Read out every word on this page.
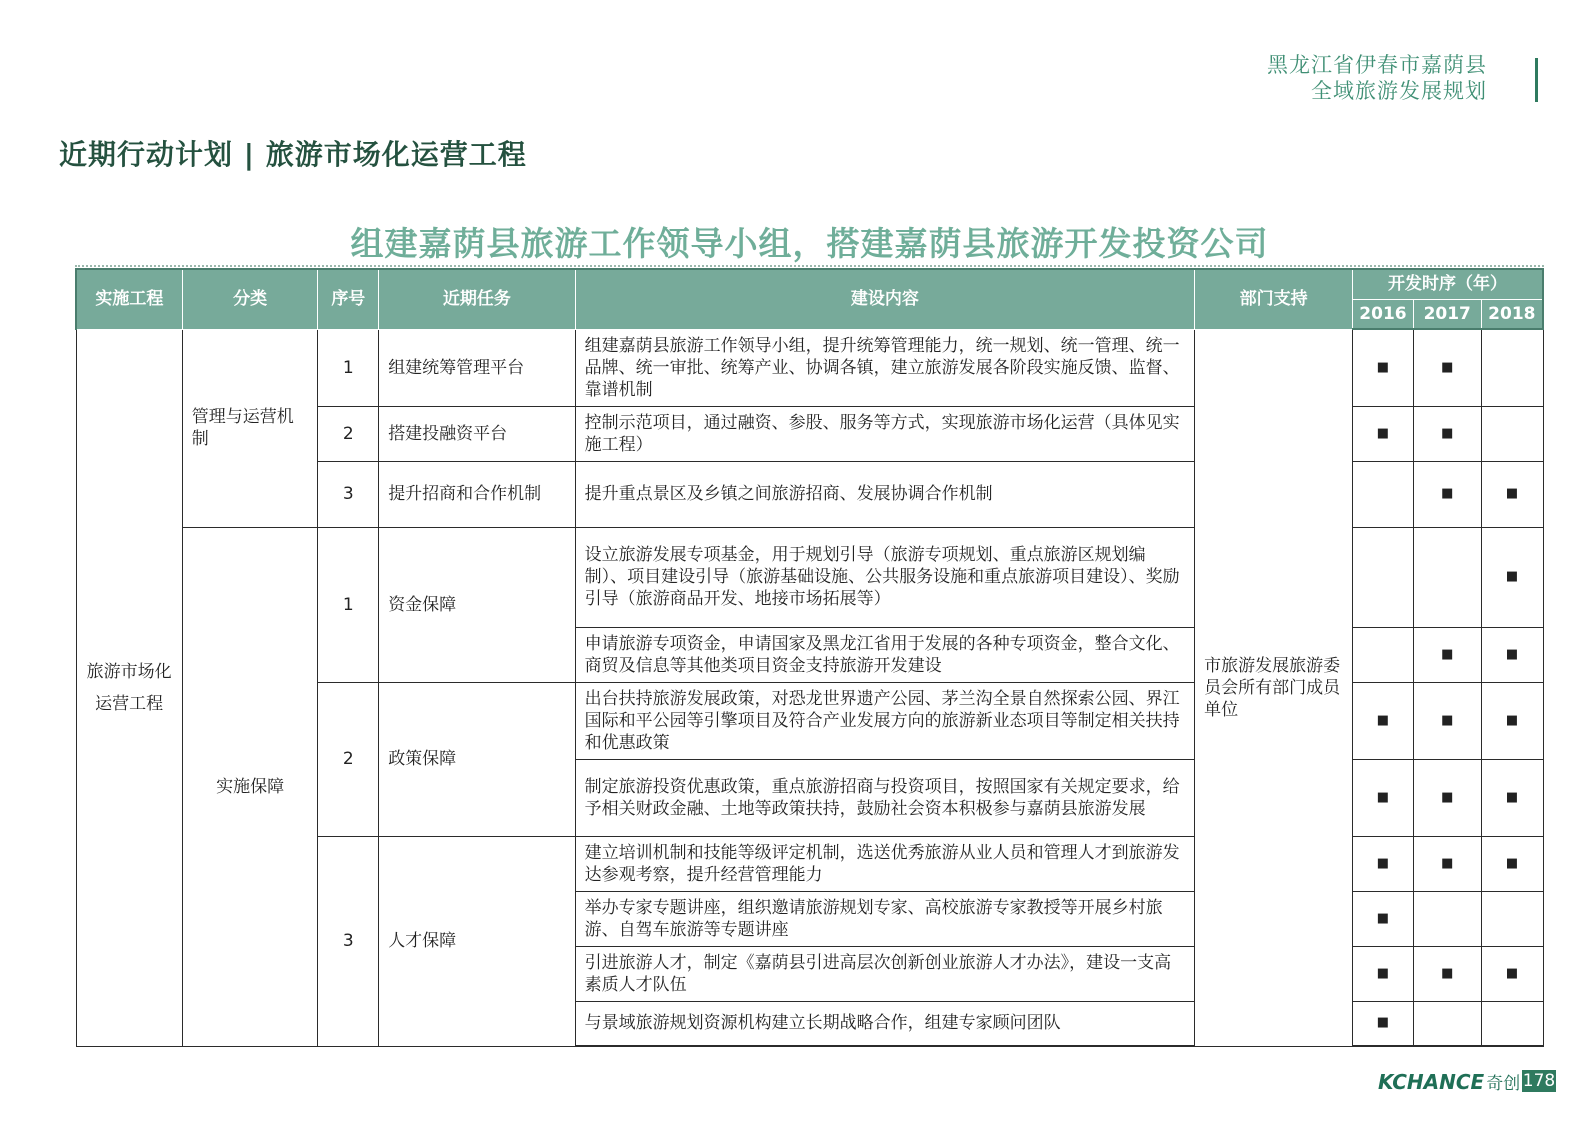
黑龙江省伊春市嘉荫县
全域旅游发展规划
近期行动计划 | 旅游市场化运营工程
组建嘉荫县旅游工作领导小组，搭建嘉荫县旅游开发投资公司
实施工程	分类	序号	近期任务	建设内容	部门支持	开发时序（年）		
						2016	2017	2018
旅游市场化运营工程	管理与运营机制	1	组建统筹管理平台	组建嘉荫县旅游工作领导小组，提升统筹管理能力，统一规划、统一管理、统一品牌、统一审批、统筹产业、协调各镇，建立旅游发展各阶段实施反馈、监督、靠谱机制	市旅游发展旅游委员会所有部门成员单位	■	■	
		2	搭建投融资平台	控制示范项目，通过融资、参股、服务等方式，实现旅游市场化运营（具体见实施工程）		■	■	
		3	提升招商和合作机制	提升重点景区及乡镇之间旅游招商、发展协调合作机制			■	■
	实施保障	1	资金保障	设立旅游发展专项基金，用于规划引导（旅游专项规划、重点旅游区规划编制）、项目建设引导（旅游基础设施、公共服务设施和重点旅游项目建设）、奖励引导（旅游商品开发、地接市场拓展等）				■
				申请旅游专项资金，申请国家及黑龙江省用于发展的各种专项资金，整合文化、商贸及信息等其他类项目资金支持旅游开发建设			■	■
		2	政策保障	出台扶持旅游发展政策，对恐龙世界遗产公园、茅兰沟全景自然探索公园、界江国际和平公园等引擎项目及符合产业发展方向的旅游新业态项目等制定相关扶持和优惠政策		■	■	■
				制定旅游投资优惠政策，重点旅游招商与投资项目，按照国家有关规定要求，给予相关财政金融、土地等政策扶持，鼓励社会资本积极参与嘉荫县旅游发展		■	■	■
		3	人才保障	建立培训机制和技能等级评定机制，选送优秀旅游从业人员和管理人才到旅游发达参观考察，提升经营管理能力		■	■	■
				举办专家专题讲座，组织邀请旅游规划专家、高校旅游专家教授等开展乡村旅游、自驾车旅游等专题讲座		■		
				引进旅游人才，制定《嘉荫县引进高层次创新创业旅游人才办法》，建设一支高素质人才队伍		■	■	■
				与景域旅游规划资源机构建立长期战略合作，组建专家顾问团队		■		
KCHANCE 奇创 178
